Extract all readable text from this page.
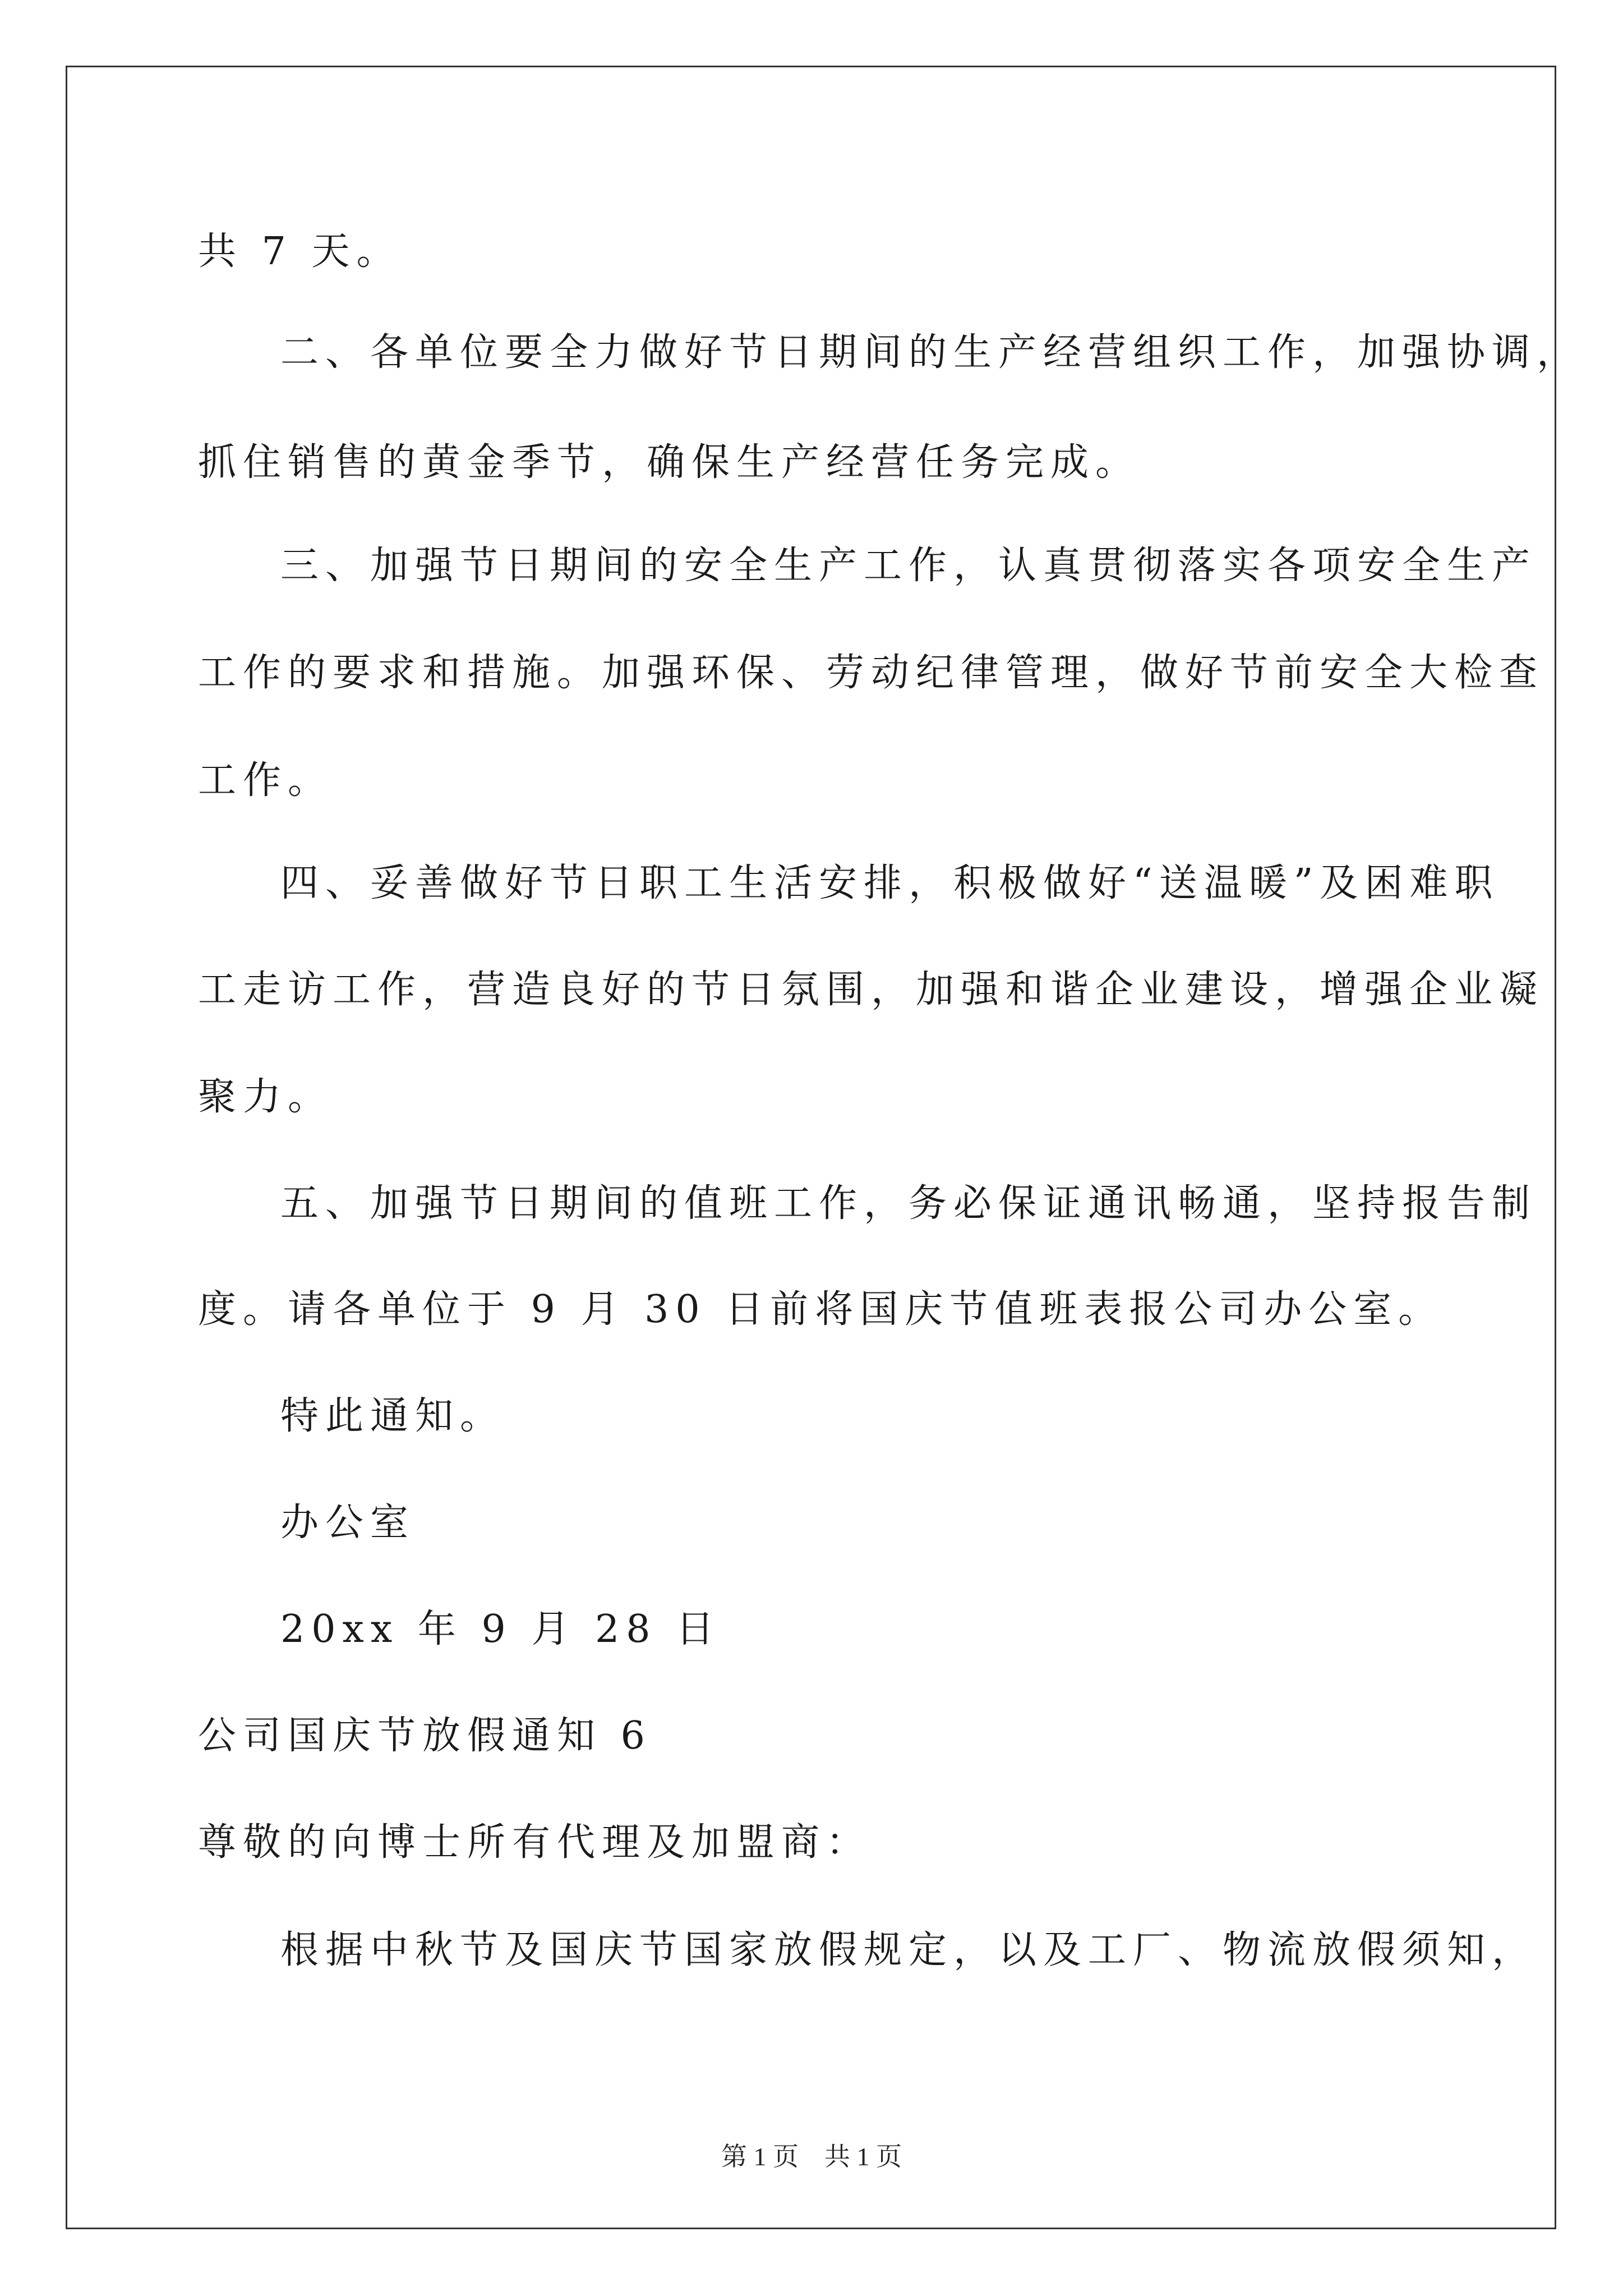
共 7 天。
二、各单位要全力做好节日期间的生产经营组织工作，加强协调，
抓住销售的黄金季节，确保生产经营任务完成。
三、加强节日期间的安全生产工作，认真贯彻落实各项安全生产
工作的要求和措施。加强环保、劳动纪律管理，做好节前安全大检查
工作。
四、妥善做好节日职工生活安排，积极做好“送温暖”及困难职
工走访工作，营造良好的节日氛围，加强和谐企业建设，增强企业凝
聚力。
五、加强节日期间的值班工作，务必保证通讯畅通，坚持报告制
度。请各单位于 9 月 30 日前将国庆节值班表报公司办公室。
特此通知。
办公室
20xx 年 9 月 28 日
公司国庆节放假通知 6
尊敬的向博士所有代理及加盟商：
根据中秋节及国庆节国家放假规定，以及工厂、物流放假须知，
第 1 页　共 1 页
